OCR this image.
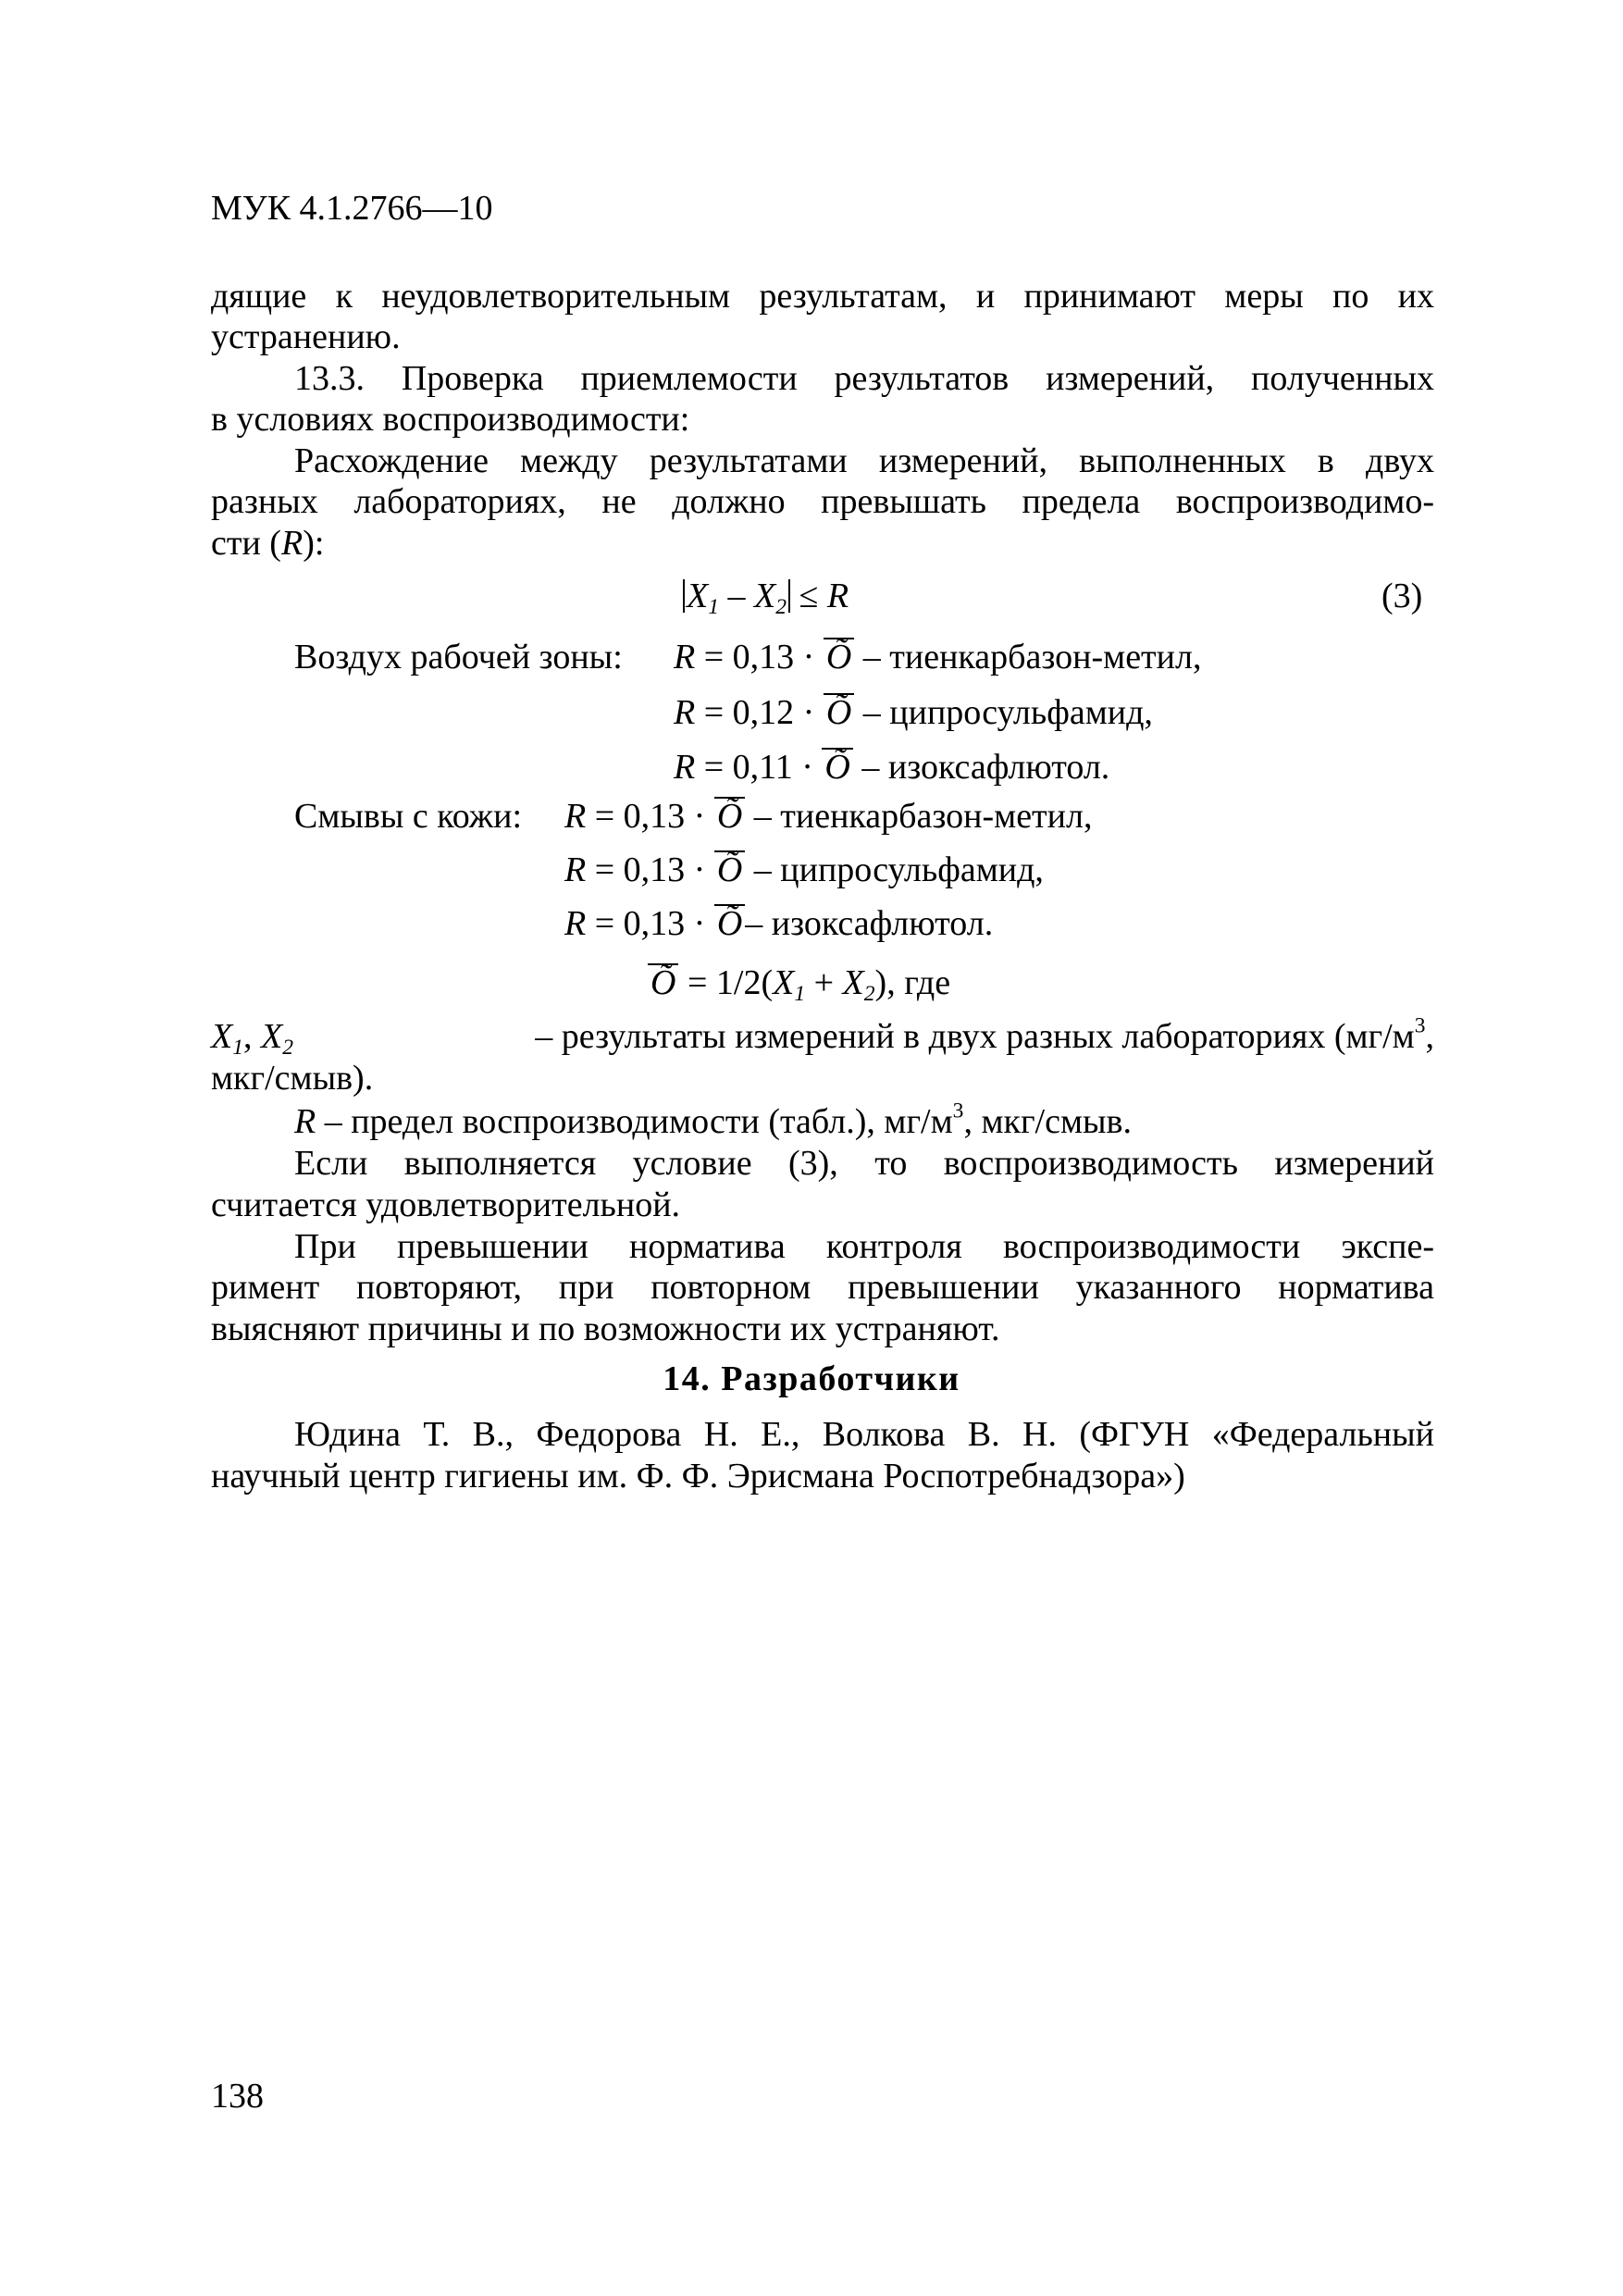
МУК 4.1.2766—10
дящие к неудовлетворительным результатам, и принимают меры по их
устранению.
13.3. Проверка приемлемости результатов измерений, полученных
в условиях воспроизводимости:
Расхождение между результатами измерений, выполненных в двух
разных лабораториях, не должно превышать предела воспроизводимо-
сти (R):
$X_1 - X_2 \le R$	(3)
Воздух рабочей зоны: R = 0,13 · Õ – тиенкарбазон-метил,
R = 0,12 · Õ – ципросульфамид,
R = 0,11 · Õ – изоксафлютол.
Смывы с кожи: R = 0,13 · Õ – тиенкарбазон-метил,
R = 0,13 · Õ – ципросульфамид,
R = 0,13 · Õ– изоксафлютол.
Õ = $1/2(X_1 + X_2)$, где
$X_1$, $X_2$	– результаты измерений в двух разных лабораториях ($мг/м^3$,
мкг/смыв).
R – предел воспроизводимости (табл.), $мг/м^3$, мкг/смыв.
Если выполняется условие (3), то воспроизводимость измерений
считается удовлетворительной.
При превышении норматива контроля воспроизводимости экспе-
римент повторяют, при повторном превышении указанного норматива
выясняют причины и по возможности их устраняют.
14. Разработчики
Юдина Т. В., Федорова Н. Е., Волкова В. Н. (ФГУН «Федеральный
научный центр гигиены им. Ф. Ф. Эрисмана Роспотребнадзора»)
138
